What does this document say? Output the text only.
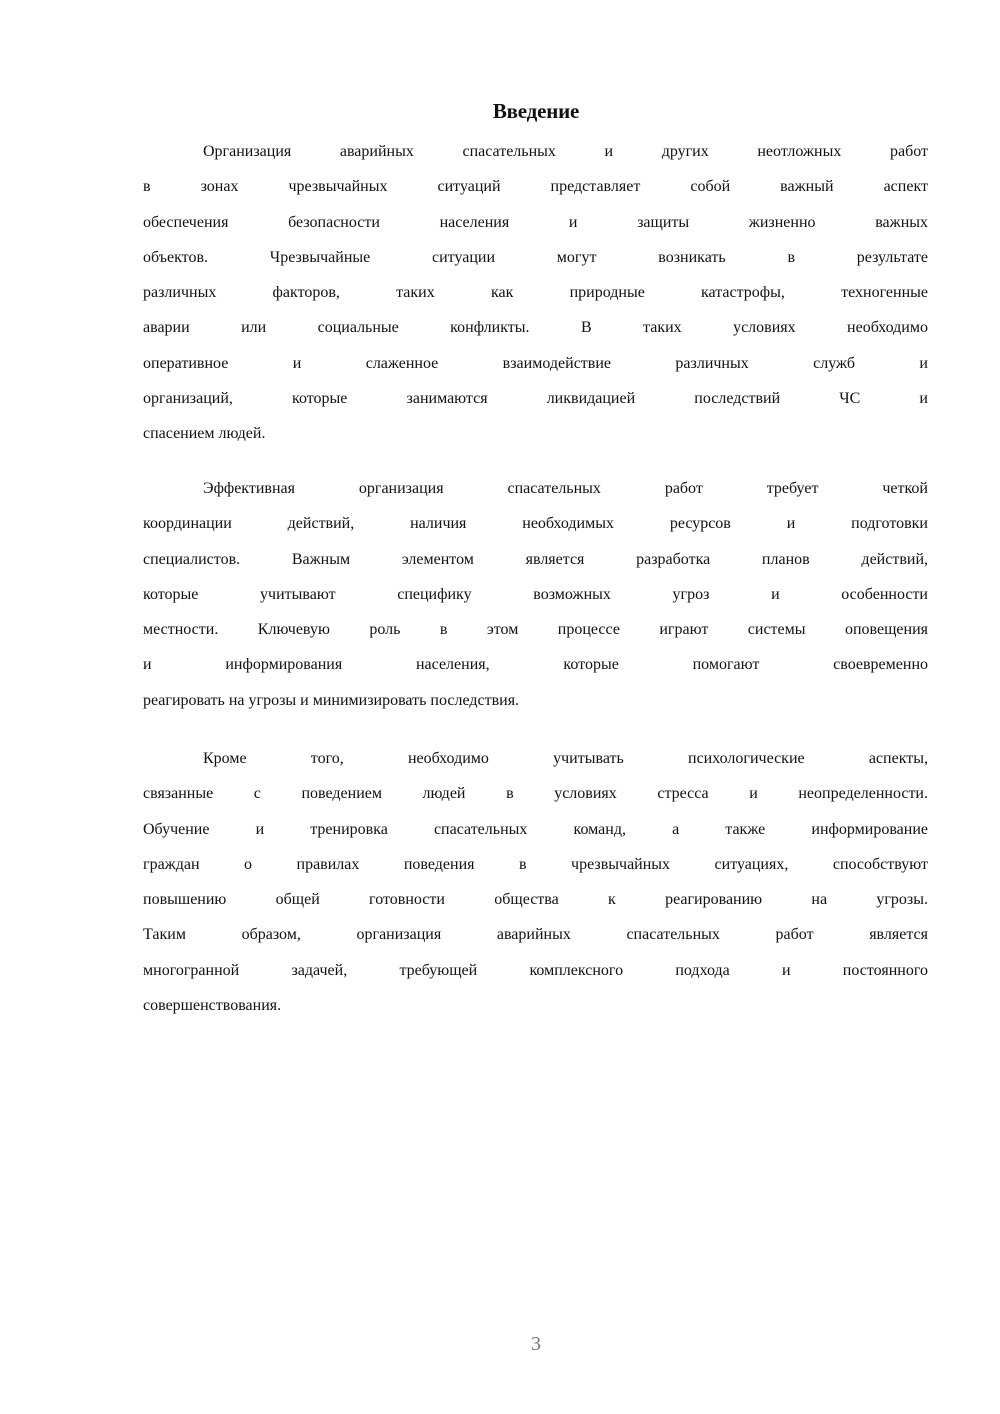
Введение
Организация аварийных спасательных и других неотложных работ
в зонах чрезвычайных ситуаций представляет собой важный аспект
обеспечения безопасности населения и защиты жизненно важных
объектов. Чрезвычайные ситуации могут возникать в результате
различных факторов, таких как природные катастрофы, техногенные
аварии или социальные конфликты. В таких условиях необходимо
оперативное и слаженное взаимодействие различных служб и
организаций, которые занимаются ликвидацией последствий ЧС и
спасением людей.
Эффективная организация спасательных работ требует четкой
координации действий, наличия необходимых ресурсов и подготовки
специалистов. Важным элементом является разработка планов действий,
которые учитывают специфику возможных угроз и особенности
местности. Ключевую роль в этом процессе играют системы оповещения
и информирования населения, которые помогают своевременно
реагировать на угрозы и минимизировать последствия.
Кроме того, необходимо учитывать психологические аспекты,
связанные с поведением людей в условиях стресса и неопределенности.
Обучение и тренировка спасательных команд, а также информирование
граждан о правилах поведения в чрезвычайных ситуациях, способствуют
повышению общей готовности общества к реагированию на угрозы.
Таким образом, организация аварийных спасательных работ является
многогранной задачей, требующей комплексного подхода и постоянного
совершенствования.
3
